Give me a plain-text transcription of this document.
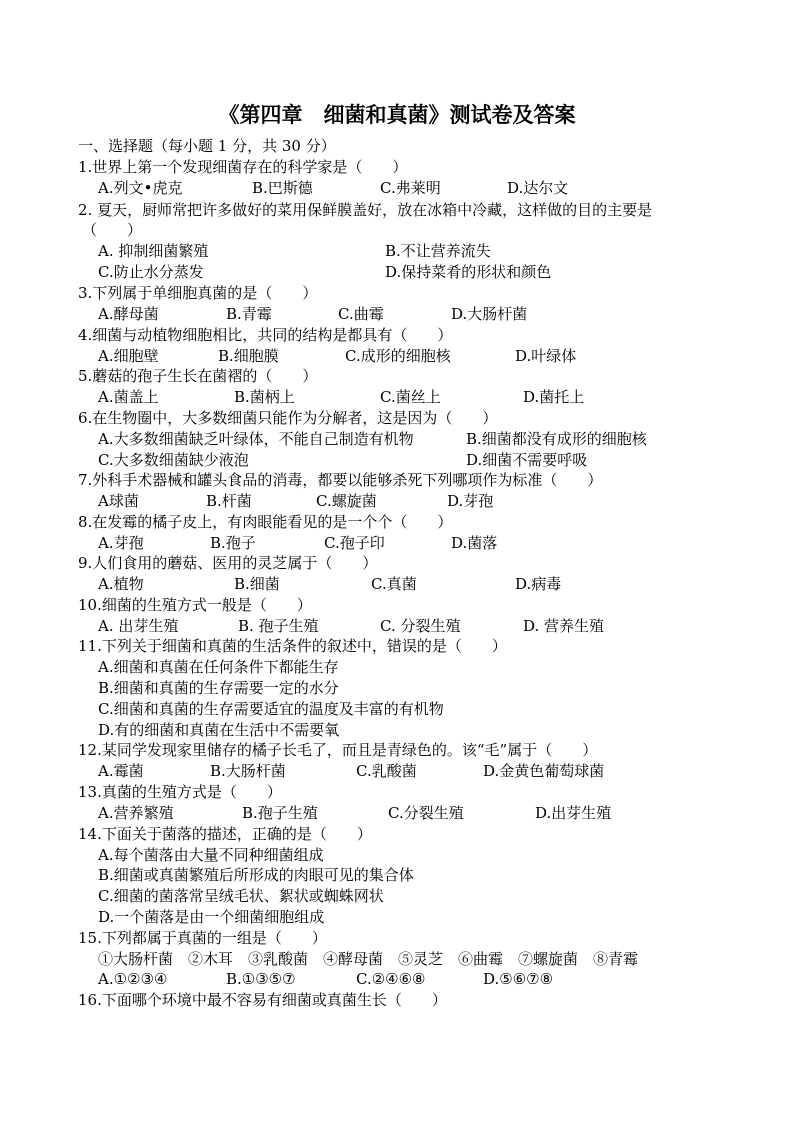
《第四章　细菌和真菌》测试卷及答案
一、选择题（每小题 1 分，共 30 分）
1.世界上第一个发现细菌存在的科学家是（　　）
A.列文•虎克	B.巴斯德	C.弗莱明	D.达尔文
2. 夏天，厨师常把许多做好的菜用保鲜膜盖好，放在冰箱中冷藏，这样做的目的主要是
（　　）
A. 抑制细菌繁殖	B.不让营养流失
C.防止水分蒸发	D.保持菜肴的形状和颜色
3.下列属于单细胞真菌的是（　　）
A.酵母菌	B.青霉	C.曲霉	D.大肠杆菌
4.细菌与动植物细胞相比，共同的结构是都具有（　　）
A.细胞壁	B.细胞膜	C.成形的细胞核	D.叶绿体
5.蘑菇的孢子生长在菌褶的（　　）
A.菌盖上	B.菌柄上	C.菌丝上	D.菌托上
6.在生物圈中，大多数细菌只能作为分解者，这是因为（　　）
A.大多数细菌缺乏叶绿体，不能自己制造有机物	B.细菌都没有成形的细胞核
C.大多数细菌缺少液泡	D.细菌不需要呼吸
7.外科手术器械和罐头食品的消毒，都要以能够杀死下列哪项作为标准（　　）
A球菌	B.杆菌	C.螺旋菌	D.芽孢
8.在发霉的橘子皮上，有肉眼能看见的是一个个（　　）
A.芽孢	B.孢子	C.孢子印	D.菌落
9.人们食用的蘑菇、医用的灵芝属于（　　）
A.植物	B.细菌	C.真菌	D.病毒
10.细菌的生殖方式一般是（　　）
A. 出芽生殖	B. 孢子生殖	C. 分裂生殖	D. 营养生殖
11.下列关于细菌和真菌的生活条件的叙述中，错误的是（　　）
A.细菌和真菌在任何条件下都能生存
B.细菌和真菌的生存需要一定的水分
C.细菌和真菌的生存需要适宜的温度及丰富的有机物
D.有的细菌和真菌在生活中不需要氧
12.某同学发现家里储存的橘子长毛了，而且是青绿色的。该“毛”属于（　　）
A.霉菌	B.大肠杆菌	C.乳酸菌	D.金黄色葡萄球菌
13.真菌的生殖方式是（　　）
A.营养繁殖	B.孢子生殖	C.分裂生殖	D.出芽生殖
14.下面关于菌落的描述，正确的是（　　）
A.每个菌落由大量不同种细菌组成
B.细菌或真菌繁殖后所形成的肉眼可见的集合体
C.细菌的菌落常呈绒毛状、絮状或蜘蛛网状
D.一个菌落是由一个细菌细胞组成
15.下列都属于真菌的一组是（　　）
①大肠杆菌　②木耳　③乳酸菌　④酵母菌　⑤灵芝　⑥曲霉　⑦螺旋菌　⑧青霉
A.①②③④	B.①③⑤⑦	C.②④⑥⑧	D.⑤⑥⑦⑧
16.下面哪个环境中最不容易有细菌或真菌生长（　　）
